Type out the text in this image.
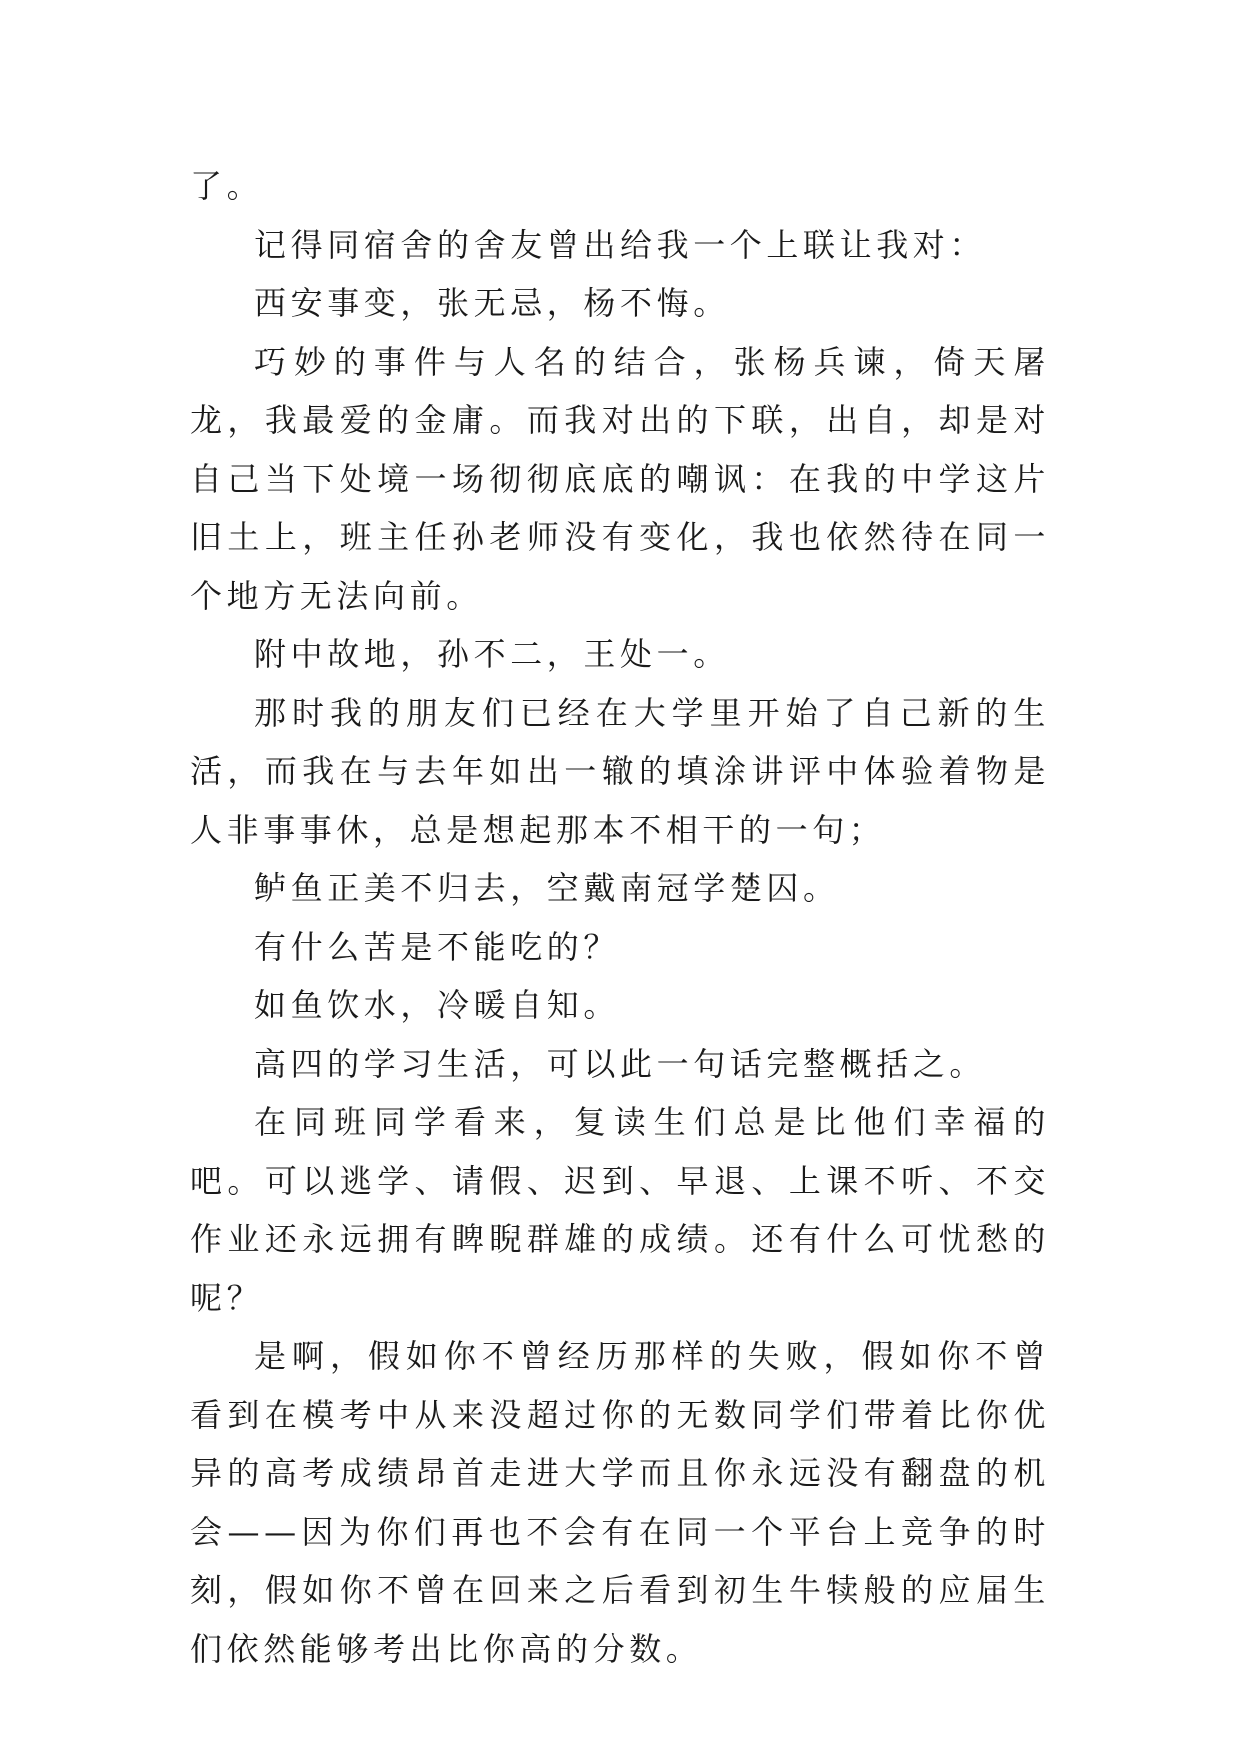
了。

记得同宿舍的舍友曾出给我一个上联让我对：

西安事变，张无忌，杨不悔。

巧妙的事件与人名的结合，张杨兵谏，倚天屠龙，我最爱的金庸。而我对出的下联，出自，却是对自己当下处境一场彻彻底底的嘲讽：在我的中学这片旧土上，班主任孙老师没有变化，我也依然待在同一个地方无法向前。

附中故地，孙不二，王处一。

那时我的朋友们已经在大学里开始了自己新的生活，而我在与去年如出一辙的填涂讲评中体验着物是人非事事休，总是想起那本不相干的一句；

鲈鱼正美不归去，空戴南冠学楚囚。

有什么苦是不能吃的？

如鱼饮水，冷暖自知。

高四的学习生活，可以此一句话完整概括之。

在同班同学看来，复读生们总是比他们幸福的吧。可以逃学、请假、迟到、早退、上课不听、不交作业还永远拥有睥睨群雄的成绩。还有什么可忧愁的呢？

是啊，假如你不曾经历那样的失败，假如你不曾看到在模考中从来没超过你的无数同学们带着比你优异的高考成绩昂首走进大学而且你永远没有翻盘的机会——因为你们再也不会有在同一个平台上竞争的时刻，假如你不曾在回来之后看到初生牛犊般的应届生们依然能够考出比你高的分数。
